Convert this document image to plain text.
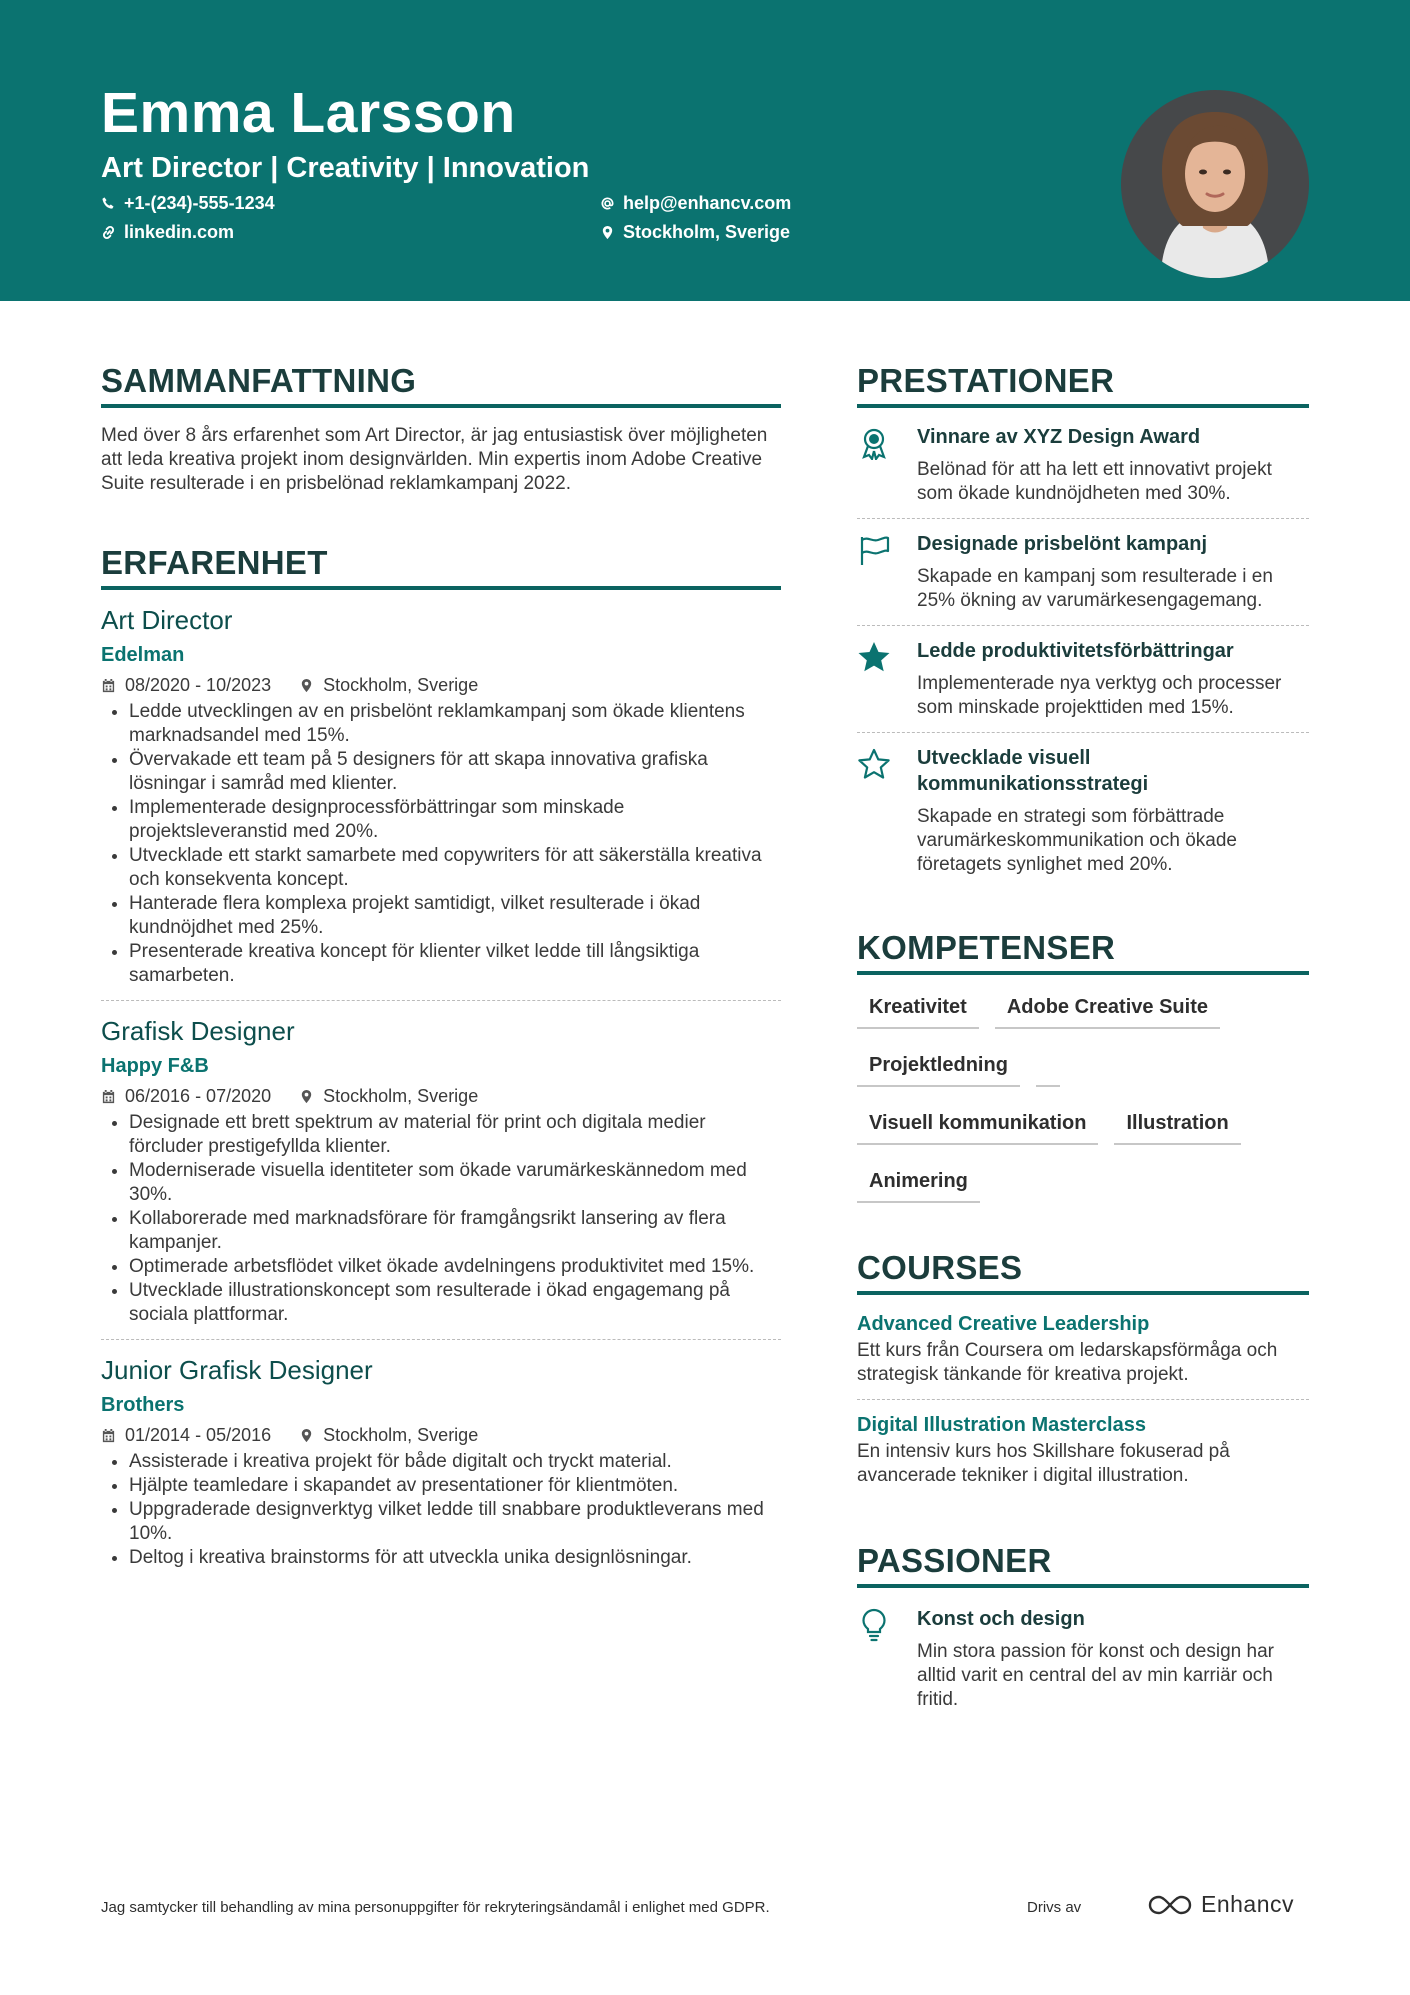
Emma Larsson
Art Director | Creativity | Innovation
+1-(234)-555-1234
linkedin.com
help@enhancv.com
Stockholm, Sverige
SAMMANFATTNING
Med över 8 års erfarenhet som Art Director, är jag entusiastisk över möjligheten att leda kreativa projekt inom designvärlden. Min expertis inom Adobe Creative Suite resulterade i en prisbelönad reklamkampanj 2022.
ERFARENHET
Art Director
Edelman
08/2020 - 10/2023	Stockholm, Sverige
• Ledde utvecklingen av en prisbelönt reklamkampanj som ökade klientens marknadsandel med 15%.
• Övervakade ett team på 5 designers för att skapa innovativa grafiska lösningar i samråd med klienter.
• Implementerade designprocessförbättringar som minskade projektsleveranstid med 20%.
• Utvecklade ett starkt samarbete med copywriters för att säkerställa kreativa och konsekventa koncept.
• Hanterade flera komplexa projekt samtidigt, vilket resulterade i ökad kundnöjdhet med 25%.
• Presenterade kreativa koncept för klienter vilket ledde till långsiktiga samarbeten.
Grafisk Designer
Happy F&B
06/2016 - 07/2020	Stockholm, Sverige
• Designade ett brett spektrum av material för print och digitala medier förcluder prestigefyllda klienter.
• Moderniserade visuella identiteter som ökade varumärkeskännedom med 30%.
• Kollaborerade med marknadsförare för framgångsrikt lansering av flera kampanjer.
• Optimerade arbetsflödet vilket ökade avdelningens produktivitet med 15%.
• Utvecklade illustrationskoncept som resulterade i ökad engagemang på sociala plattformar.
Junior Grafisk Designer
Brothers
01/2014 - 05/2016	Stockholm, Sverige
• Assisterade i kreativa projekt för både digitalt och tryckt material.
• Hjälpte teamledare i skapandet av presentationer för klientmöten.
• Uppgraderade designverktyg vilket ledde till snabbare produktleverans med 10%.
• Deltog i kreativa brainstorms för att utveckla unika designlösningar.
PRESTATIONER
Vinnare av XYZ Design Award
Belönad för att ha lett ett innovativt projekt som ökade kundnöjdheten med 30%.
Designade prisbelönt kampanj
Skapade en kampanj som resulterade i en 25% ökning av varumärkesengagemang.
Ledde produktivitetsförbättringar
Implementerade nya verktyg och processer som minskade projekttiden med 15%.
Utvecklade visuell kommunikationsstrategi
Skapade en strategi som förbättrade varumärkeskommunikation och ökade företagets synlighet med 20%.
KOMPETENSER
Kreativitet	Adobe Creative Suite
Projektledning
Visuell kommunikation	Illustration
Animering
COURSES
Advanced Creative Leadership
Ett kurs från Coursera om ledarskapsförmåga och strategisk tänkande för kreativa projekt.
Digital Illustration Masterclass
En intensiv kurs hos Skillshare fokuserad på avancerade tekniker i digital illustration.
PASSIONER
Konst och design
Min stora passion för konst och design har alltid varit en central del av min karriär och fritid.
Jag samtycker till behandling av mina personuppgifter för rekryteringsändamål i enlighet med GDPR.	Drivs av	Enhancv
